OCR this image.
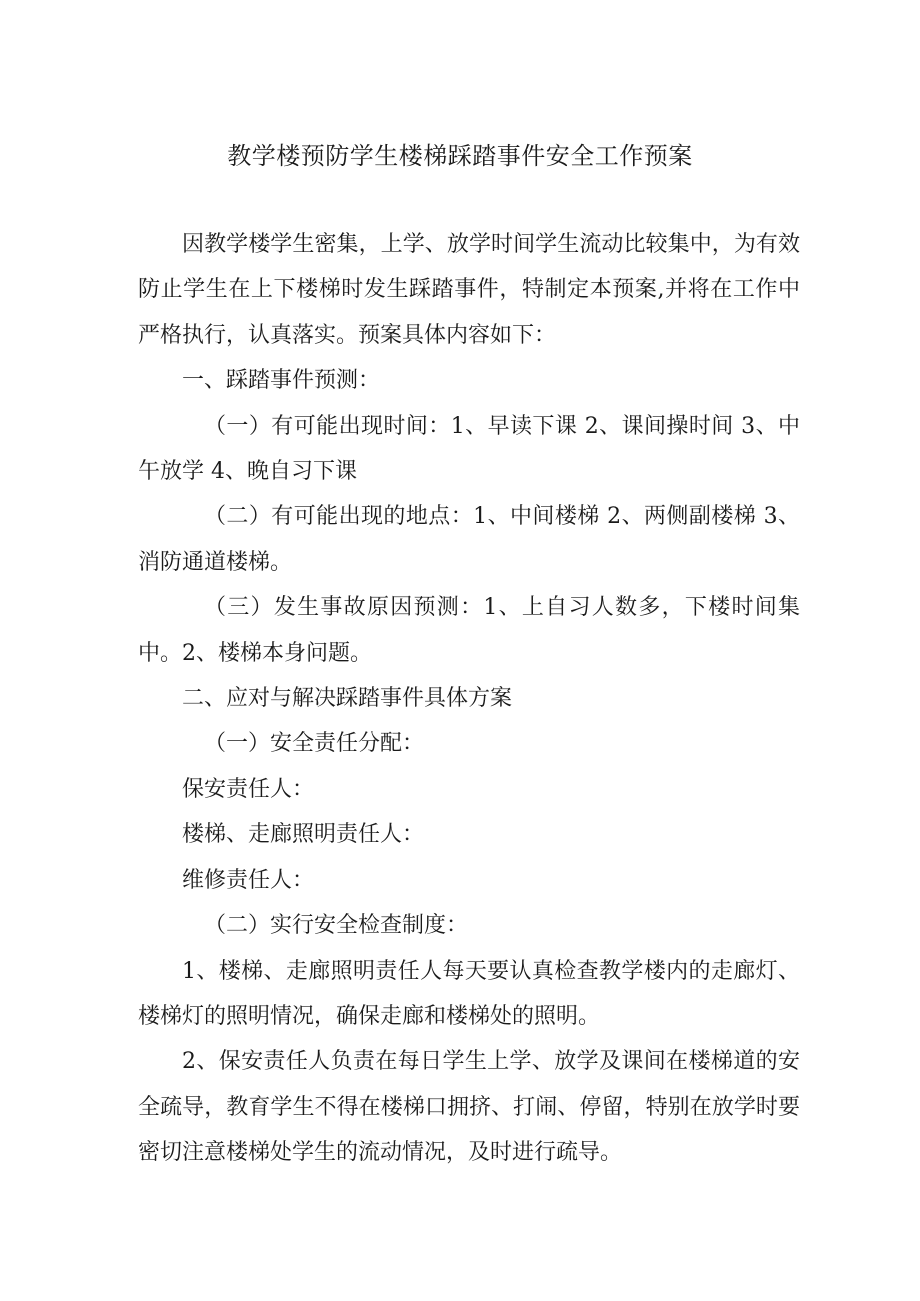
教学楼预防学生楼梯踩踏事件安全工作预案

因教学楼学生密集，上学、放学时间学生流动比较集中，为有效防止学生在上下楼梯时发生踩踏事件，特制定本预案,并将在工作中严格执行，认真落实。预案具体内容如下：

一、踩踏事件预测：

（一）有可能出现时间：1、早读下课 2、课间操时间 3、中午放学 4、晚自习下课

（二）有可能出现的地点：1、中间楼梯 2、两侧副楼梯 3、消防通道楼梯。

（三）发生事故原因预测：1、上自习人数多，下楼时间集中。2、楼梯本身问题。

二、应对与解决踩踏事件具体方案

（一）安全责任分配：

保安责任人：

楼梯、走廊照明责任人：

维修责任人：

（二）实行安全检查制度：

1、楼梯、走廊照明责任人每天要认真检查教学楼内的走廊灯、楼梯灯的照明情况，确保走廊和楼梯处的照明。

2、保安责任人负责在每日学生上学、放学及课间在楼梯道的安全疏导，教育学生不得在楼梯口拥挤、打闹、停留，特别在放学时要密切注意楼梯处学生的流动情况，及时进行疏导。
